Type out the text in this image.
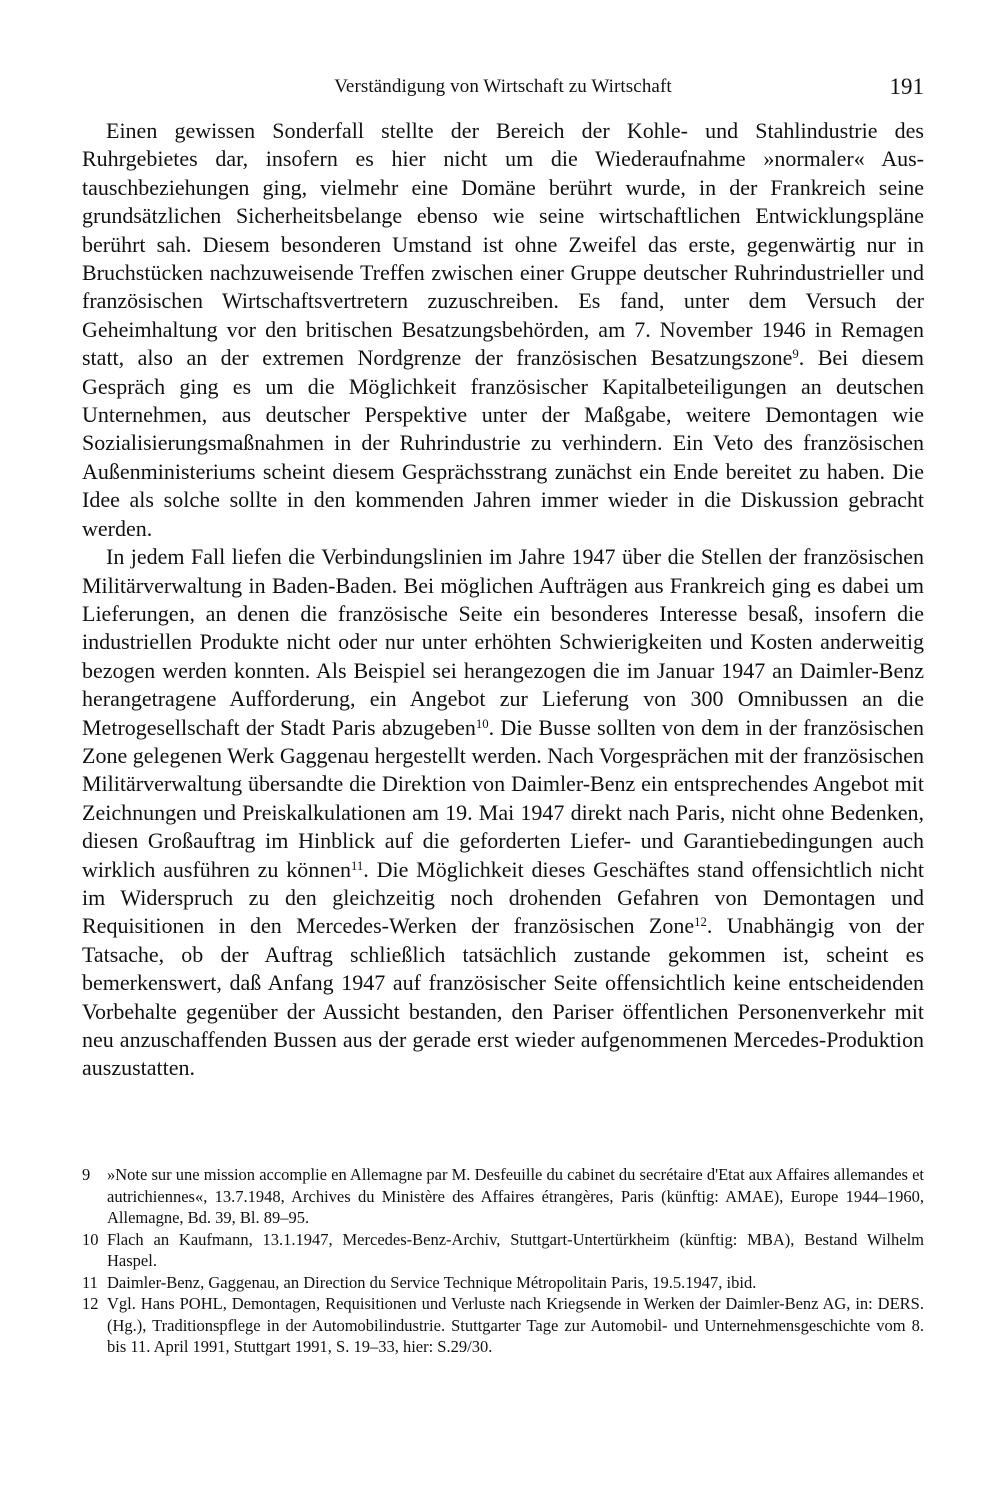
Verständigung von Wirtschaft zu Wirtschaft	191

Einen gewissen Sonderfall stellte der Bereich der Kohle- und Stahlindustrie des Ruhrgebietes dar, insofern es hier nicht um die Wiederaufnahme »normaler« Austauschbeziehungen ging, vielmehr eine Domäne berührt wurde, in der Frankreich seine grundsätzlichen Sicherheitsbelange ebenso wie seine wirtschaftlichen Entwicklungspläne berührt sah. Diesem besonderen Umstand ist ohne Zweifel das erste, gegenwärtig nur in Bruchstücken nachzuweisende Treffen zwischen einer Gruppe deutscher Ruhrindustrieller und französischen Wirtschaftsvertretern zuzuschreiben. Es fand, unter dem Versuch der Geheimhaltung vor den britischen Besatzungsbehörden, am 7. November 1946 in Remagen statt, also an der extremen Nordgrenze der französischen Besatzungszone$^9$. Bei diesem Gespräch ging es um die Möglichkeit französischer Kapitalbeteiligungen an deutschen Unternehmen, aus deutscher Perspektive unter der Maßgabe, weitere Demontagen wie Sozialisierungsmaßnahmen in der Ruhrindustrie zu verhindern. Ein Veto des französischen Außenministeriums scheint diesem Gesprächsstrang zunächst ein Ende bereitet zu haben. Die Idee als solche sollte in den kommenden Jahren immer wieder in die Diskussion gebracht werden.

In jedem Fall liefen die Verbindungslinien im Jahre 1947 über die Stellen der französischen Militärverwaltung in Baden-Baden. Bei möglichen Aufträgen aus Frankreich ging es dabei um Lieferungen, an denen die französische Seite ein besonderes Interesse besaß, insofern die industriellen Produkte nicht oder nur unter erhöhten Schwierigkeiten und Kosten anderweitig bezogen werden konnten. Als Beispiel sei herangezogen die im Januar 1947 an Daimler-Benz herangetragene Aufforderung, ein Angebot zur Lieferung von 300 Omnibussen an die Metrogesellschaft der Stadt Paris abzugeben$^{10}$. Die Busse sollten von dem in der französischen Zone gelegenen Werk Gaggenau hergestellt werden. Nach Vorgesprächen mit der französischen Militärverwaltung übersandte die Direktion von Daimler-Benz ein entsprechendes Angebot mit Zeichnungen und Preiskalkulationen am 19. Mai 1947 direkt nach Paris, nicht ohne Bedenken, diesen Großauftrag im Hinblick auf die geforderten Liefer- und Garantiebedingungen auch wirklich ausführen zu können$^{11}$. Die Möglichkeit dieses Geschäftes stand offensichtlich nicht im Widerspruch zu den gleichzeitig noch drohenden Gefahren von Demontagen und Requisitionen in den Mercedes-Werken der französischen Zone$^{12}$. Unabhängig von der Tatsache, ob der Auftrag schließlich tatsächlich zustande gekommen ist, scheint es bemerkenswert, daß Anfang 1947 auf französischer Seite offensichtlich keine entscheidenden Vorbehalte gegenüber der Aussicht bestanden, den Pariser öffentlichen Personenverkehr mit neu anzuschaffenden Bussen aus der gerade erst wieder aufgenommenen Mercedes-Produktion auszustatten.

9	»Note sur une mission accomplie en Allemagne par M. Desfeuille du cabinet du secrétaire d'Etat aux Affaires allemandes et autrichiennes«, 13.7.1948, Archives du Ministère des Affaires étrangères, Paris (künftig: AMAE), Europe 1944–1960, Allemagne, Bd. 39, Bl. 89–95.
10 Flach an Kaufmann, 13.1.1947, Mercedes-Benz-Archiv, Stuttgart-Untertürkheim (künftig: MBA), Bestand Wilhelm Haspel.
11 Daimler-Benz, Gaggenau, an Direction du Service Technique Métropolitain Paris, 19.5.1947, ibid.
12 Vgl. Hans POHL, Demontagen, Requisitionen und Verluste nach Kriegsende in Werken der Daimler-Benz AG, in: DERS. (Hg.), Traditionspflege in der Automobilindustrie. Stuttgarter Tage zur Automobil- und Unternehmensgeschichte vom 8. bis 11. April 1991, Stuttgart 1991, S. 19–33, hier: S.29/30.
